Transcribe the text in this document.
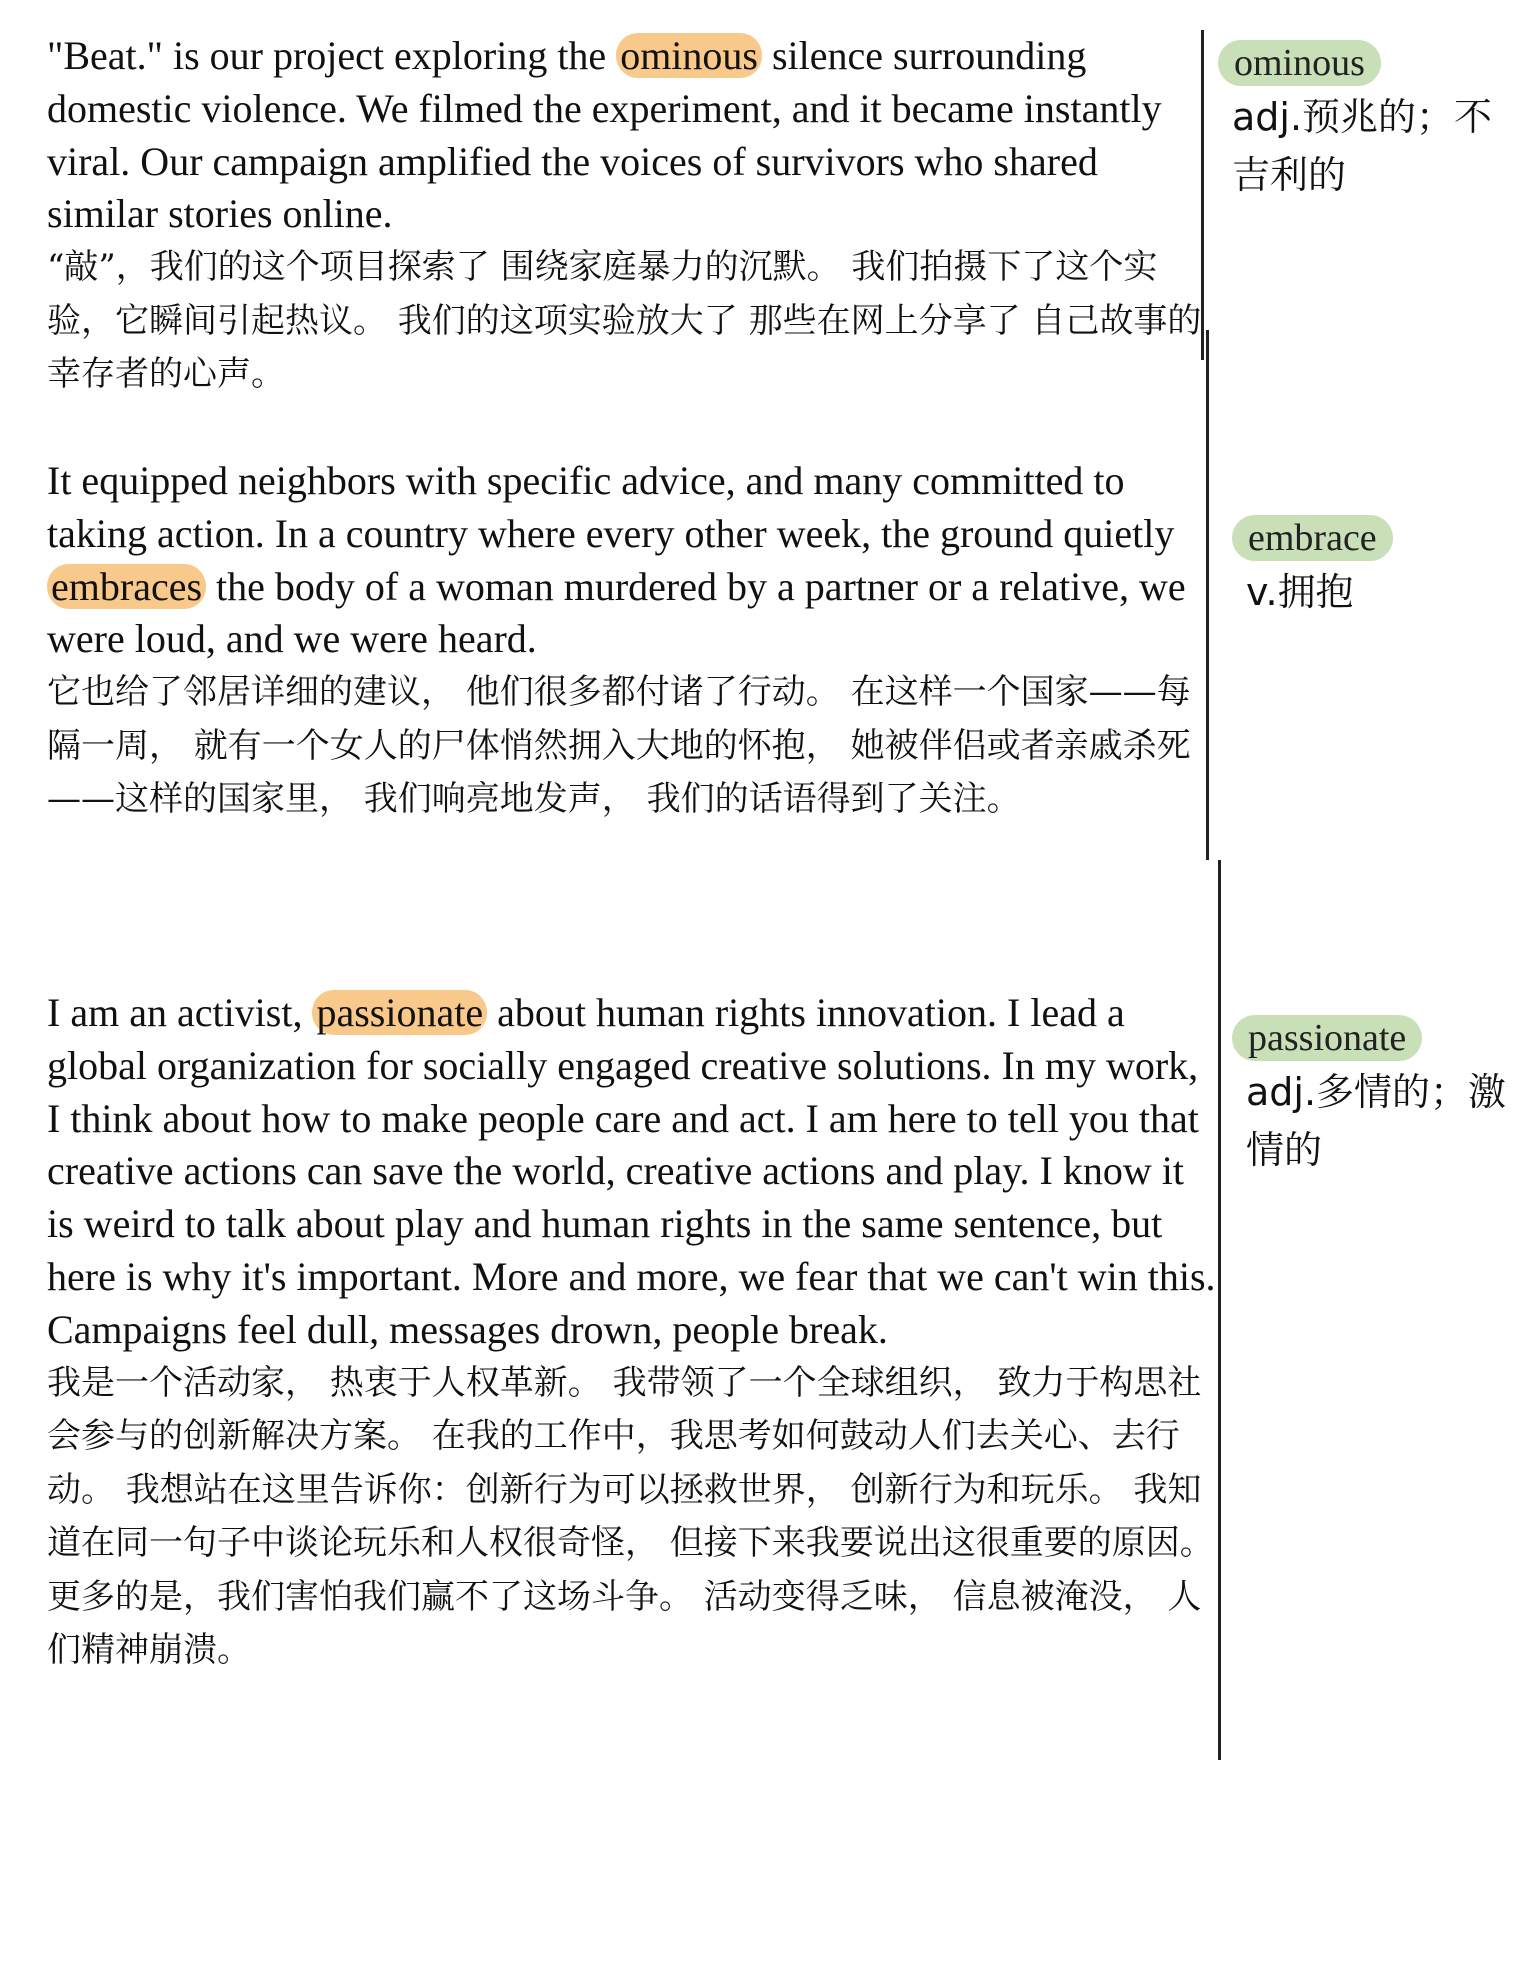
"Beat." is our project exploring the ominous silence surrounding domestic violence. We filmed the experiment, and it became instantly viral. Our campaign amplified the voices of survivors who shared similar stories online.

“敲”，我们的这个项目探索了 围绕家庭暴力的沉默。 我们拍摄下了这个实验，它瞬间引起热议。 我们的这项实验放大了 那些在网上分享了 自己故事的幸存者的心声。

It equipped neighbors with specific advice, and many committed to taking action. In a country where every other week, the ground quietly embraces the body of a woman murdered by a partner or a relative, we were loud, and we were heard.

它也给了邻居详细的建议， 他们很多都付诸了行动。 在这样一个国家——每隔一周， 就有一个女人的尸体悄然拥入大地的怀抱， 她被伴侣或者亲戚杀死——这样的国家里， 我们响亮地发声， 我们的话语得到了关注。

I am an activist, passionate about human rights innovation. I lead a global organization for socially engaged creative solutions. In my work, I think about how to make people care and act. I am here to tell you that creative actions can save the world, creative actions and play. I know it is weird to talk about play and human rights in the same sentence, but here is why it's important. More and more, we fear that we can't win this. Campaigns feel dull, messages drown, people break.

我是一个活动家， 热衷于人权革新。 我带领了一个全球组织， 致力于构思社会参与的创新解决方案。 在我的工作中，我思考如何鼓动人们去关心、去行动。 我想站在这里告诉你：创新行为可以拯救世界， 创新行为和玩乐。 我知道在同一句子中谈论玩乐和人权很奇怪， 但接下来我要说出这很重要的原因。 更多的是，我们害怕我们赢不了这场斗争。 活动变得乏味， 信息被淹没， 人们精神崩溃。

ominous
adj.预兆的；不吉利的
embrace
v.拥抱
passionate
adj.多情的；激情的
